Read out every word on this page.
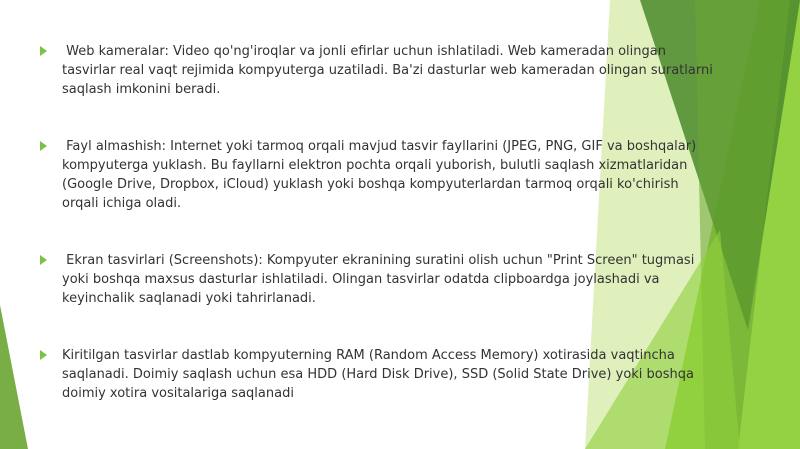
Web kameralar: Video qo'ng'iroqlar va jonli efirlar uchun ishlatiladi. Web kameradan olingan tasvirlar real vaqt rejimida kompyuterga uzatiladi. Ba'zi dasturlar web kameradan olingan suratlarni saqlash imkonini beradi.

Fayl almashish: Internet yoki tarmoq orqali mavjud tasvir fayllarini (JPEG, PNG, GIF va boshqalar) kompyuterga yuklash. Bu fayllarni elektron pochta orqali yuborish, bulutli saqlash xizmatlaridan (Google Drive, Dropbox, iCloud) yuklash yoki boshqa kompyuterlardan tarmoq orqali ko'chirish orqali ichiga oladi.

Ekran tasvirlari (Screenshots): Kompyuter ekranining suratini olish uchun "Print Screen" tugmasi yoki boshqa maxsus dasturlar ishlatiladi. Olingan tasvirlar odatda clipboardga joylashadi va keyinchalik saqlanadi yoki tahrirlanadi.

Kiritilgan tasvirlar dastlab kompyuterning RAM (Random Access Memory) xotirasida vaqtincha saqlanadi. Doimiy saqlash uchun esa HDD (Hard Disk Drive), SSD (Solid State Drive) yoki boshqa doimiy xotira vositalariga saqlanadi
